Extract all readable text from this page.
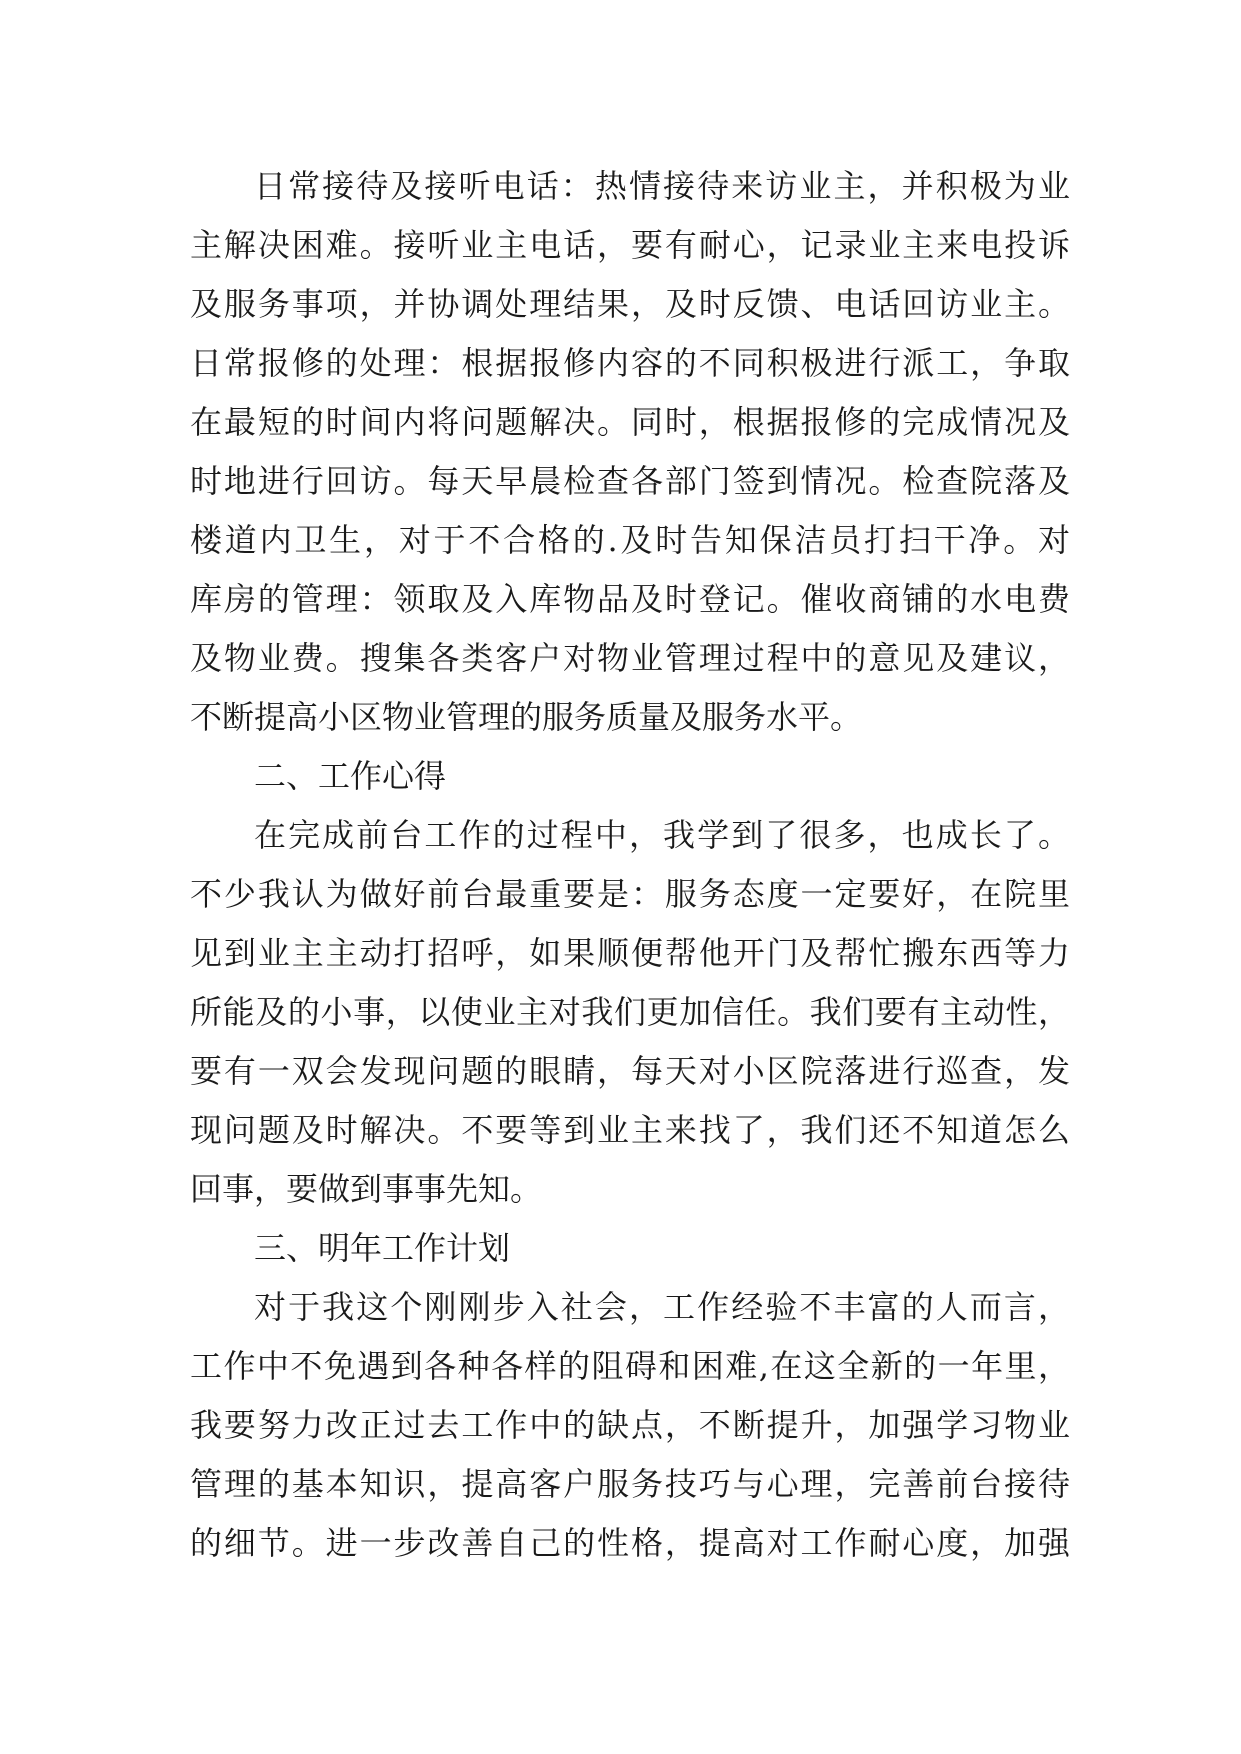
日常接待及接听电话：热情接待来访业主，并积极为业
主解决困难。接听业主电话，要有耐心，记录业主来电投诉
及服务事项，并协调处理结果，及时反馈、电话回访业主。
日常报修的处理：根据报修内容的不同积极进行派工，争取
在最短的时间内将问题解决。同时，根据报修的完成情况及
时地进行回访。每天早晨检查各部门签到情况。检查院落及
楼道内卫生，对于不合格的.及时告知保洁员打扫干净。对
库房的管理：领取及入库物品及时登记。催收商铺的水电费
及物业费。搜集各类客户对物业管理过程中的意见及建议，
不断提高小区物业管理的服务质量及服务水平。
二、工作心得
在完成前台工作的过程中，我学到了很多，也成长了。
不少我认为做好前台最重要是：服务态度一定要好，在院里
见到业主主动打招呼，如果顺便帮他开门及帮忙搬东西等力
所能及的小事，以使业主对我们更加信任。我们要有主动性，
要有一双会发现问题的眼睛，每天对小区院落进行巡查，发
现问题及时解决。不要等到业主来找了，我们还不知道怎么
回事，要做到事事先知。
三、明年工作计划
对于我这个刚刚步入社会，工作经验不丰富的人而言，
工作中不免遇到各种各样的阻碍和困难,在这全新的一年里，
我要努力改正过去工作中的缺点，不断提升，加强学习物业
管理的基本知识，提高客户服务技巧与心理，完善前台接待
的细节。进一步改善自己的性格，提高对工作耐心度，加强
